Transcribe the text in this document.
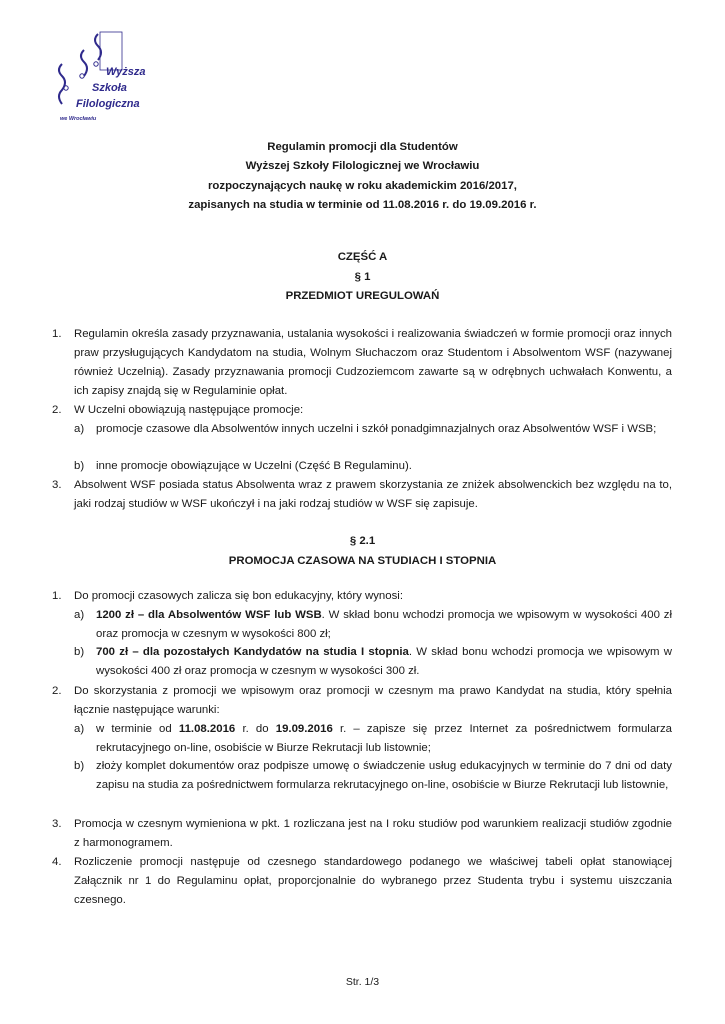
Wyższa
Szkoła
Filologiczna
we Wrocławiu
Regulamin promocji dla Studentów
Wyższej Szkoły Filologicznej we Wrocławiu
rozpoczynających naukę w roku akademickim 2016/2017,
zapisanych na studia w terminie od 11.08.2016 r. do 19.09.2016 r.
CZĘŚĆ A
§ 1
PRZEDMIOT UREGULOWAŃ
1. Regulamin określa zasady przyznawania, ustalania wysokości i realizowania świadczeń w formie promocji oraz innych praw przysługujących Kandydatom na studia, Wolnym Słuchaczom oraz Studentom i Absolwentom WSF (nazywanej również Uczelnią). Zasady przyznawania promocji Cudzoziemcom zawarte są w odrębnych uchwałach Konwentu, a ich zapisy znajdą się w Regulaminie opłat.
2. W Uczelni obowiązują następujące promocje:
a) promocje czasowe dla Absolwentów innych uczelni i szkół ponadgimnazjalnych oraz Absolwentów WSF i WSB;
b) inne promocje obowiązujące w Uczelni (Część B Regulaminu).
3. Absolwent WSF posiada status Absolwenta wraz z prawem skorzystania ze zniżek absolwenckich bez względu na to, jaki rodzaj studiów w WSF ukończył i na jaki rodzaj studiów w WSF się zapisuje.
§ 2.1
PROMOCJA CZASOWA NA STUDIACH I STOPNIA
1. Do promocji czasowych zalicza się bon edukacyjny, który wynosi:
a) 1200 zł – dla Absolwentów WSF lub WSB. W skład bonu wchodzi promocja we wpisowym w wysokości 400 zł oraz promocja w czesnym w wysokości 800 zł;
b) 700 zł – dla pozostałych Kandydatów na studia I stopnia. W skład bonu wchodzi promocja we wpisowym w wysokości 400 zł oraz promocja w czesnym w wysokości 300 zł.
2. Do skorzystania z promocji we wpisowym oraz promocji w czesnym ma prawo Kandydat na studia, który spełnia łącznie następujące warunki:
a) w terminie od 11.08.2016 r. do 19.09.2016 r. – zapisze się przez Internet za pośrednictwem formularza rekrutacyjnego on-line, osobiście w Biurze Rekrutacji lub listownie;
b) złoży komplet dokumentów oraz podpisze umowę o świadczenie usług edukacyjnych w terminie do 7 dni od daty zapisu na studia za pośrednictwem formularza rekrutacyjnego on-line, osobiście w Biurze Rekrutacji lub listownie,
3. Promocja w czesnym wymieniona w pkt. 1 rozliczana jest na I roku studiów pod warunkiem realizacji studiów zgodnie z harmonogramem.
4. Rozliczenie promocji następuje od czesnego standardowego podanego we właściwej tabeli opłat stanowiącej Załącznik nr 1 do Regulaminu opłat, proporcjonalnie do wybranego przez Studenta trybu i systemu uiszczania czesnego.
Str. 1/3
